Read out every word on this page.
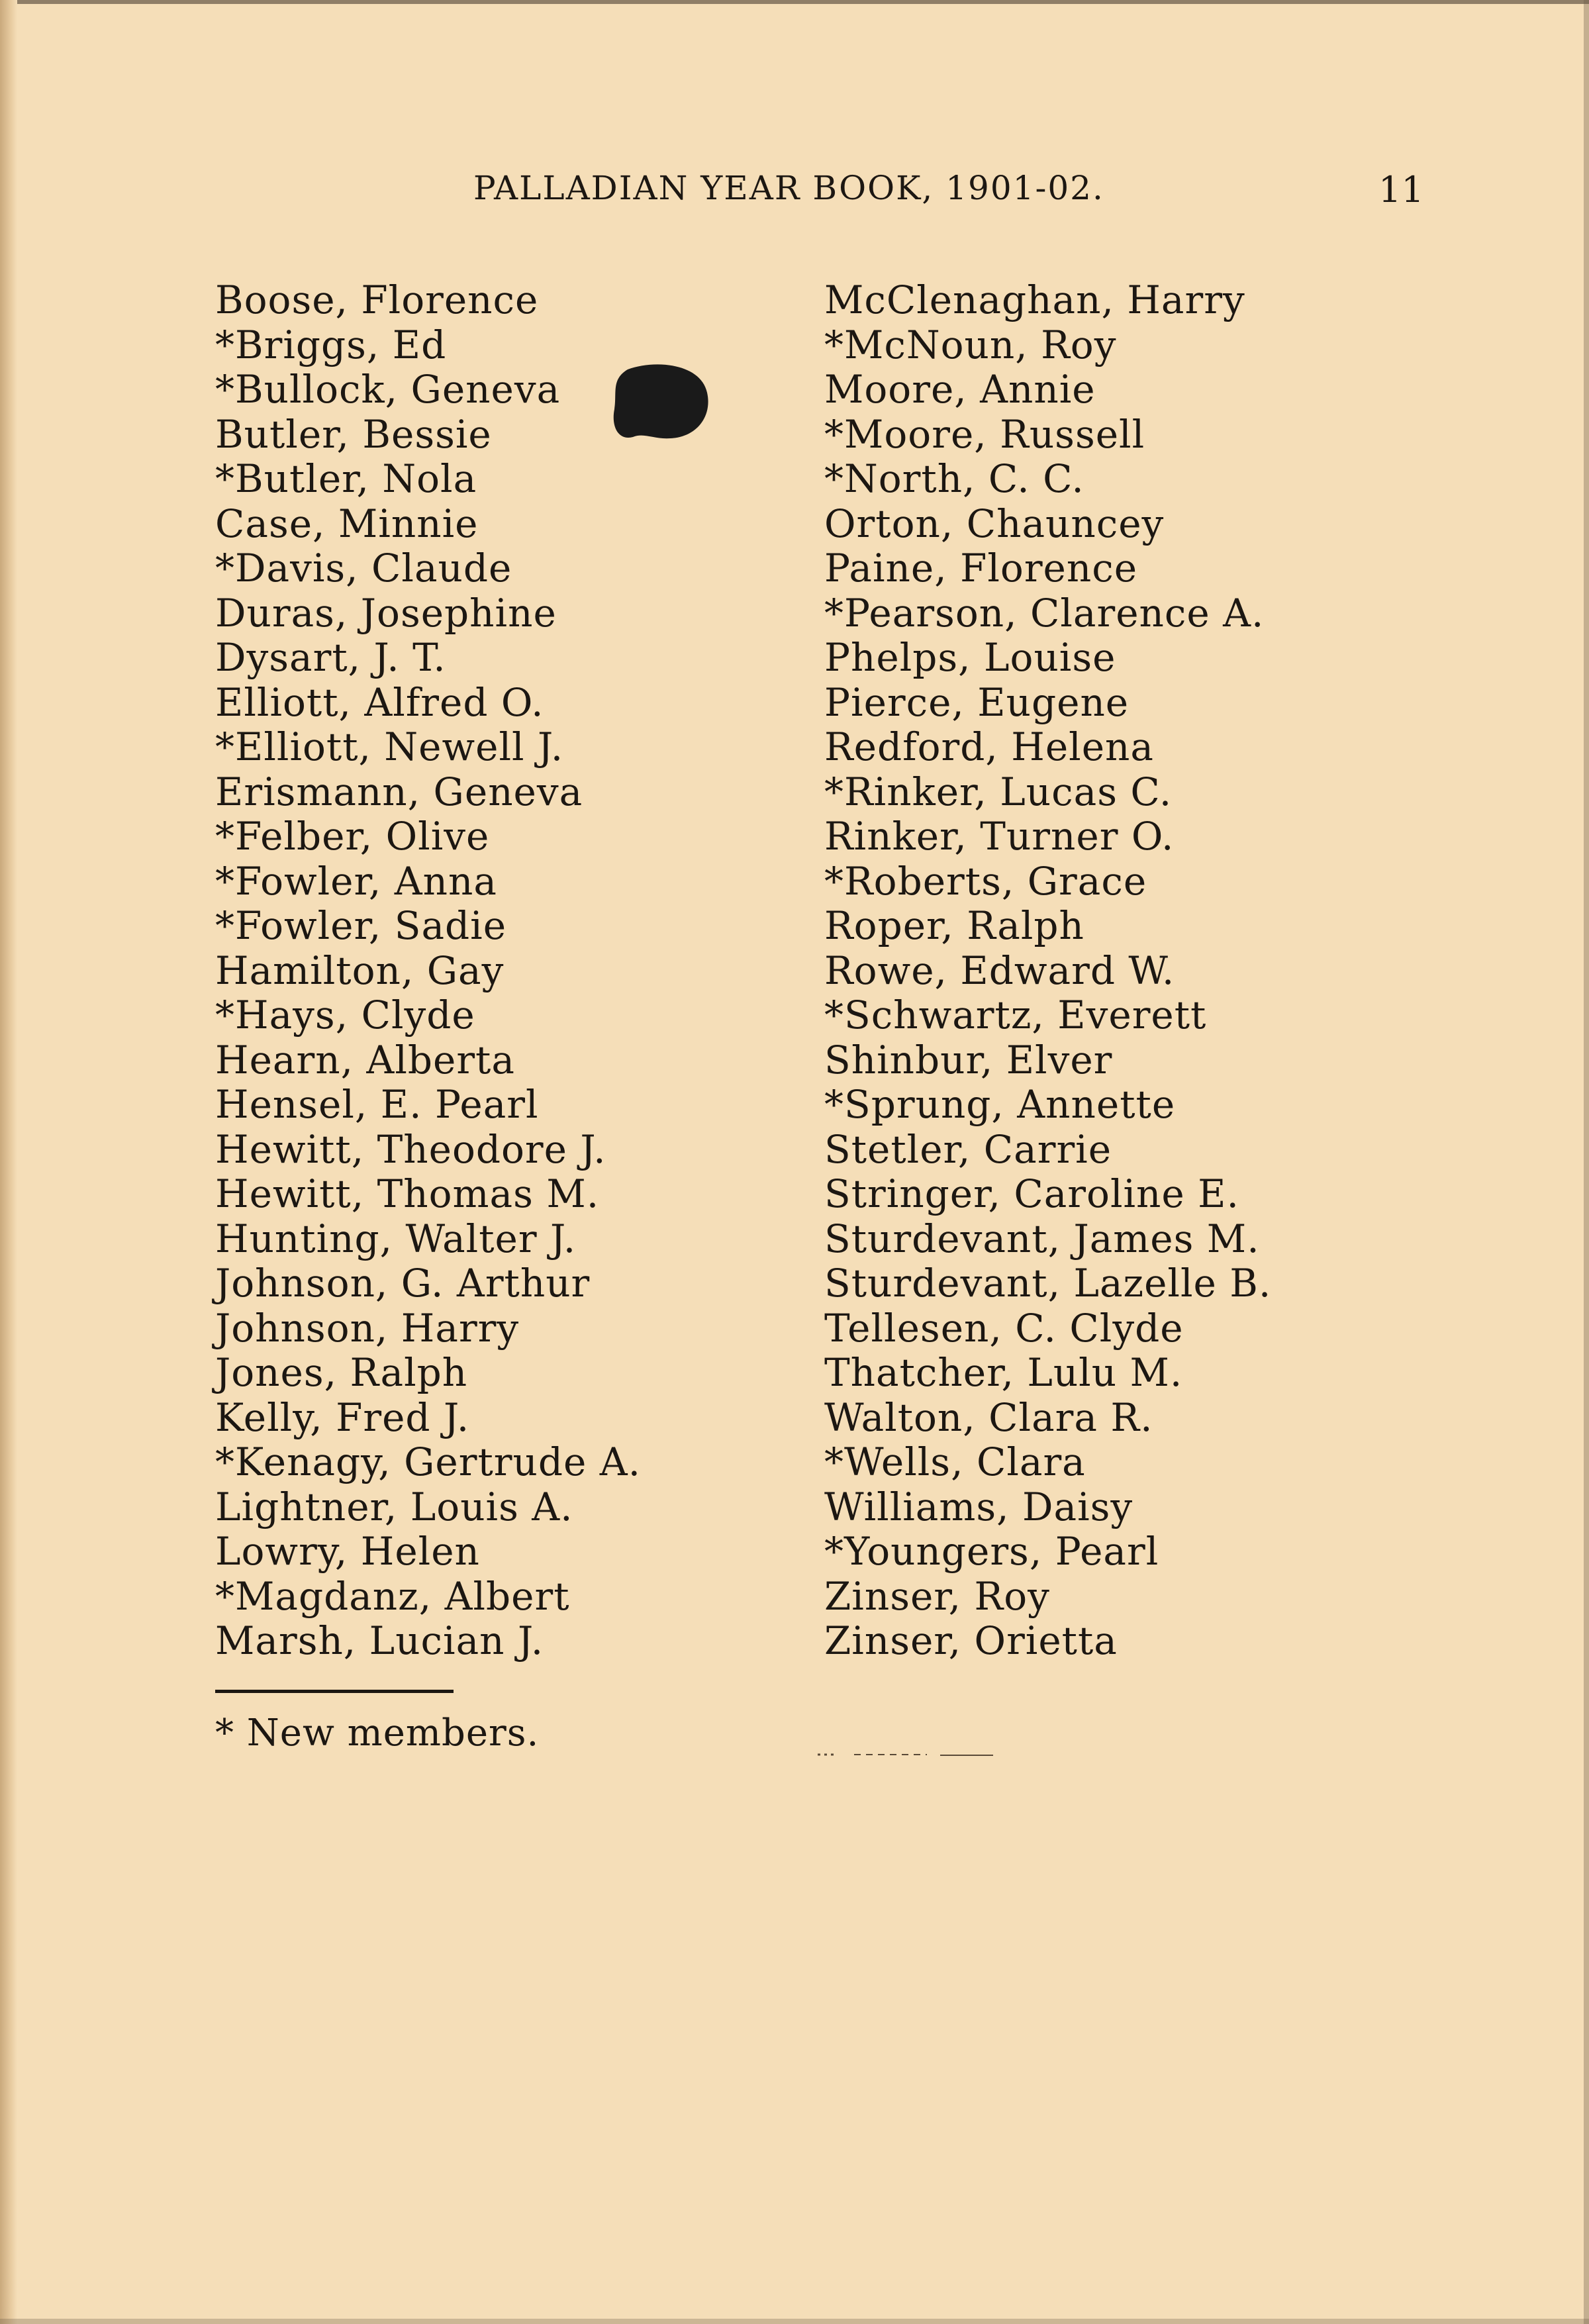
PALLADIAN YEAR BOOK, 1901-02.	11
Boose, Florence
*Briggs, Ed
*Bullock, Geneva
Butler, Bessie
*Butler, Nola
Case, Minnie
*Davis, Claude
Duras, Josephine
Dysart, J. T.
Elliott, Alfred O.
*Elliott, Newell J.
Erismann, Geneva
*Felber, Olive
*Fowler, Anna
*Fowler, Sadie
Hamilton, Gay
*Hays, Clyde
Hearn, Alberta
Hensel, E. Pearl
Hewitt, Theodore J.
Hewitt, Thomas M.
Hunting, Walter J.
Johnson, G. Arthur
Johnson, Harry
Jones, Ralph
Kelly, Fred J.
*Kenagy, Gertrude A.
Lightner, Louis A.
Lowry, Helen
*Magdanz, Albert
Marsh, Lucian J.
McClenaghan, Harry
*McNoun, Roy
Moore, Annie
*Moore, Russell
*North, C. C.
Orton, Chauncey
Paine, Florence
*Pearson, Clarence A.
Phelps, Louise
Pierce, Eugene
Redford, Helena
*Rinker, Lucas C.
Rinker, Turner O.
*Roberts, Grace
Roper, Ralph
Rowe, Edward W.
*Schwartz, Everett
Shinbur, Elver
*Sprung, Annette
Stetler, Carrie
Stringer, Caroline E.
Sturdevant, James M.
Sturdevant, Lazelle B.
Tellesen, C. Clyde
Thatcher, Lulu M.
Walton, Clara R.
*Wells, Clara
Williams, Daisy
*Youngers, Pearl
Zinser, Roy
Zinser, Orietta
* New members.
